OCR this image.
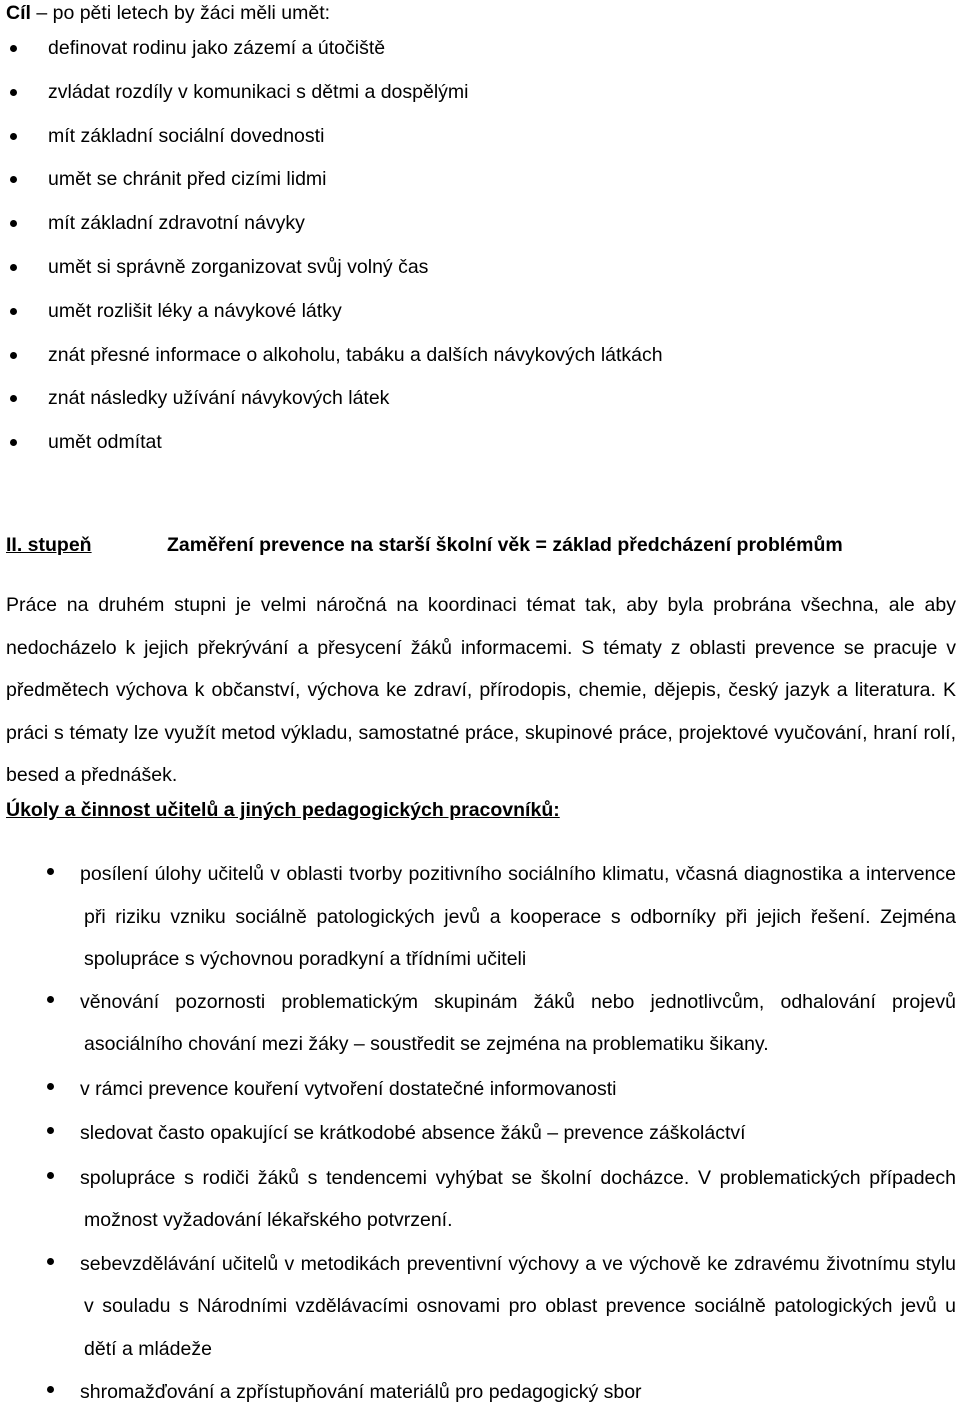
Cíl – po pěti letech by žáci měli umět:
definovat rodinu jako zázemí a útočiště
zvládat rozdíly v komunikaci s dětmi a dospělými
mít základní sociální dovednosti
umět se chránit před cizími lidmi
mít základní zdravotní návyky
umět si správně zorganizovat svůj volný čas
umět rozlišit léky a návykové látky
znát přesné informace o alkoholu, tabáku a dalších návykových látkách
znát následky užívání návykových látek
umět odmítat
II. stupeň	Zaměření prevence na starší školní věk = základ předcházení problémům

Práce na druhém stupni je velmi náročná na koordinaci témat tak, aby byla probrána všechna, ale aby nedocházelo k jejich překrývání a přesycení žáků informacemi. S tématy z oblasti prevence se pracuje v předmětech výchova k občanství, výchova ke zdraví, přírodopis, chemie, dějepis, český jazyk a literatura. K práci s tématy lze využít metod výkladu, samostatné práce, skupinové práce, projektové vyučování, hraní rolí, besed a přednášek.

Úkoly a činnost učitelů a jiných pedagogických pracovníků:
posílení úlohy učitelů v oblasti tvorby pozitivního sociálního klimatu, včasná diagnostika a intervence při riziku vzniku sociálně patologických jevů a kooperace s odborníky při jejich řešení. Zejména spolupráce s výchovnou poradkyní a třídními učiteli
věnování pozornosti problematickým skupinám žáků nebo jednotlivcům, odhalování projevů asociálního chování mezi žáky – soustředit se zejména na problematiku šikany.
v rámci prevence kouření vytvoření dostatečné informovanosti
sledovat často opakující se krátkodobé absence žáků – prevence záškoláctví
spolupráce s rodiči žáků s tendencemi vyhýbat se školní docházce. V problematických případech možnost vyžadování lékařského potvrzení.
sebevzdělávání učitelů v metodikách preventivní výchovy a ve výchově ke zdravému životnímu stylu v souladu s Národními vzdělávacími osnovami pro oblast prevence sociálně patologických jevů u dětí a mládeže
shromažďování a zpřístupňování materiálů pro pedagogický sbor
